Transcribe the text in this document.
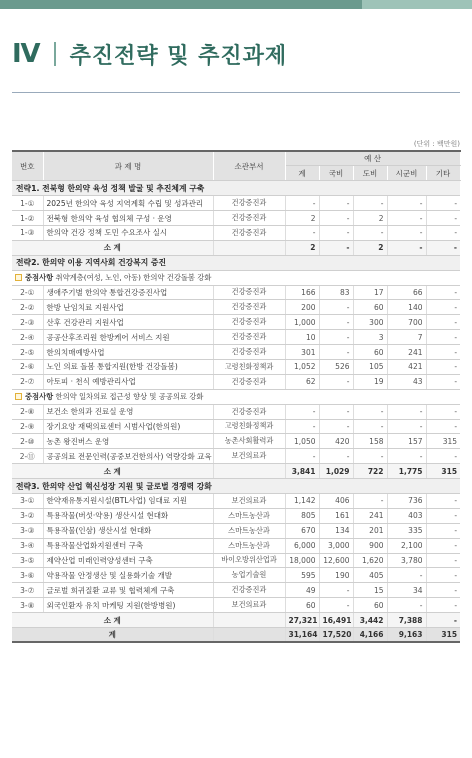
Ⅳ 추진전략 및 추진과제
(단위 : 백만원)
번호	과 제 명	소관부서	예 산				
			계	국비	도비	시군비	기타
전략1. 전북형 한의약 육성 정책 발굴 및 추진체계 구축							
1-①	2025년 한의약 육성 지역계획 수립 및 성과관리	건강증진과	-	-	-	-	-
1-②	전북형 한의약 육성 협의체 구성 · 운영	건강증진과	2	-	2	-	-
1-③	한의약 건강 정책 도민 수요조사 실시	건강증진과	-	-	-	-	-
소 계			2	-	2	-	-
전략2. 한의약 이용 지역사회 건강복지 증진							
중점사항 취약계층(여성, 노인, 아동) 한의약 건강돌봄 강화							
2-①	생애주기별 한의약 통합건강증진사업	건강증진과	166	83	17	66	-
2-②	한방 난임치료 지원사업	건강증진과	200	-	60	140	-
2-③	산후 건강관리 지원사업	건강증진과	1,000	-	300	700	-
2-④	공공산후조리원 한방케어 서비스 지원	건강증진과	10	-	3	7	-
2-⑤	한의치매예방사업	건강증진과	301	-	60	241	-
2-⑥	노인 의료 돌봄 통합지원(한방 건강돌봄)	고령친화정책과	1,052	526	105	421	-
2-⑦	아토피 · 천식 예방관리사업	건강증진과	62	-	19	43	-
중점사항 한의약 일차의료 접근성 향상 및 공공의료 강화							
2-⑧	보건소 한의과 진료실 운영	건강증진과	-	-	-	-	-
2-⑨	장기요양 재택의료센터 시범사업(한의원)	고령친화정책과	-	-	-	-	-
2-⑩	농촌 왕진버스 운영	농촌사회활력과	1,050	420	158	157	315
2-⑪	공공의료 전문인력(공중보건한의사) 역량강화 교육	보건의료과	-	-	-	-	-
소 계			3,841	1,029	722	1,775	315
전략3. 한의약 산업 혁신성장 지원 및 글로벌 경쟁력 강화							
3-①	한약재유통지원시설(BTL사업) 임대료 지원	보건의료과	1,142	406	-	736	-
3-②	특용작물(버섯·약용) 생산시설 현대화	스마트농산과	805	161	241	403	-
3-③	특용작물(인삼) 생산시설 현대화	스마트농산과	670	134	201	335	-
3-④	특용작물산업화지원센터 구축	스마트농산과	6,000	3,000	900	2,100	-
3-⑤	제약산업 미래인력양성센터 구축	바이오방위산업과	18,000	12,600	1,620	3,780	-
3-⑥	약용작물 안정생산 및 실용화기술 개발	농업기술원	595	190	405	-	-
3-⑦	글로벌 희귀질환 교류 및 협력체계 구축	건강증진과	49	-	15	34	-
3-⑧	외국인환자 유치 마케팅 지원(한방병원)	보건의료과	60	-	60	-	-
소 계			27,321	16,491	3,442	7,388	-
계			31,164	17,520	4,166	9,163	315
